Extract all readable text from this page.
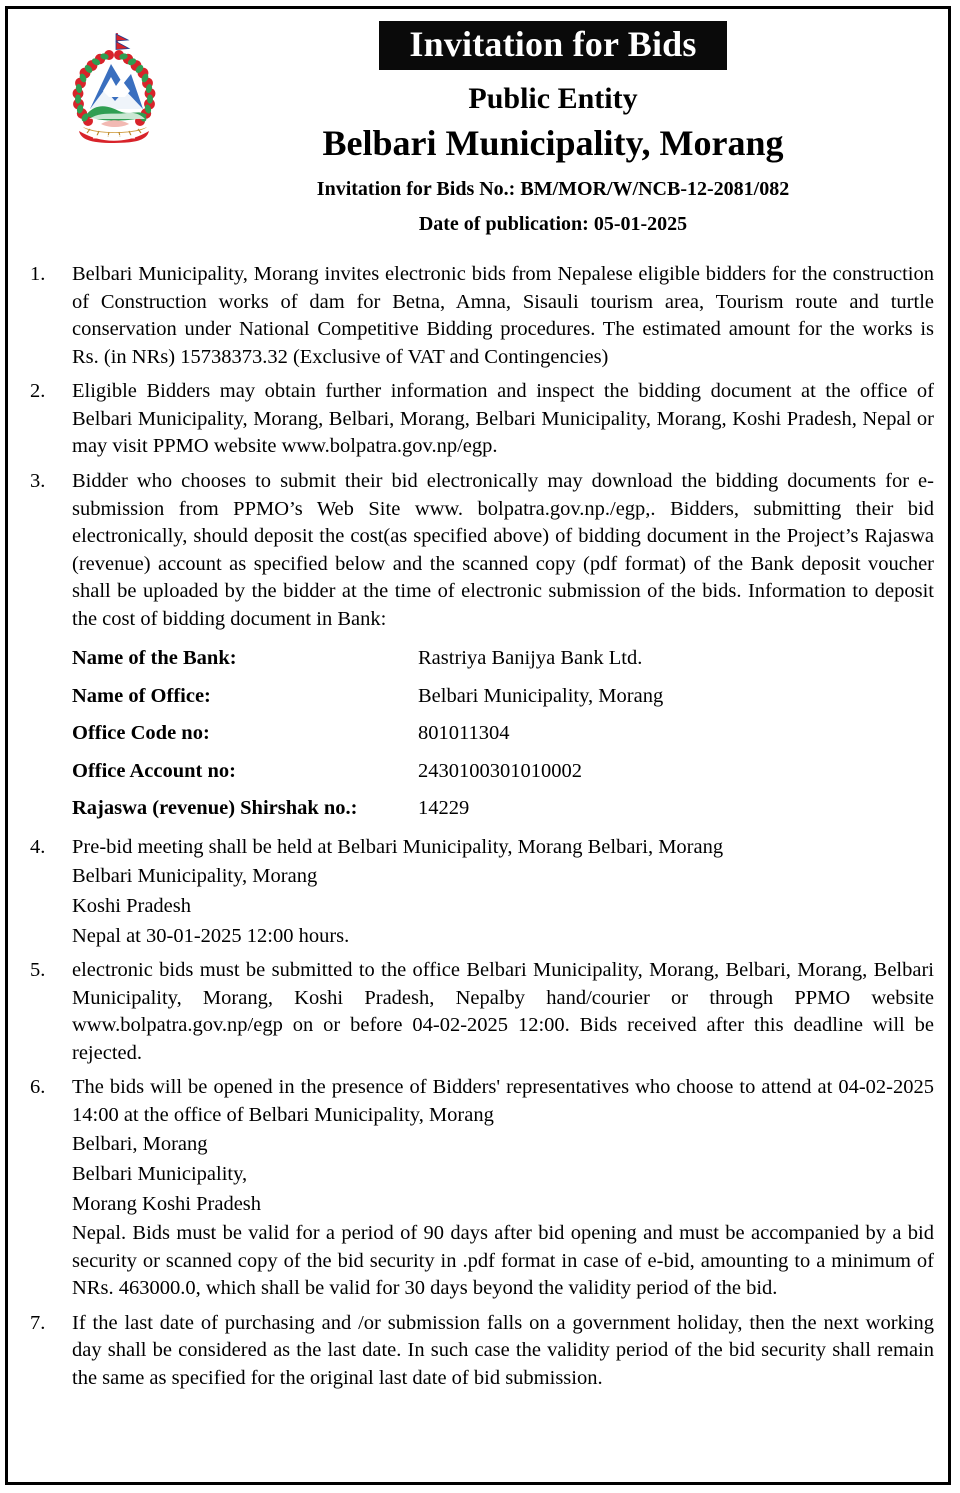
Invitation for Bids
Public Entity
Belbari Municipality, Morang
Invitation for Bids No.: BM/MOR/W/NCB-12-2081/082
Date of publication: 05-01-2025
1.	Belbari Municipality, Morang invites electronic bids from Nepalese eligible bidders for the construction of Construction works of dam for Betna, Amna, Sisauli tourism area, Tourism route and turtle conservation under National Competitive Bidding procedures. The estimated amount for the works is Rs. (in NRs) 15738373.32 (Exclusive of VAT and Contingencies)
2.	Eligible Bidders may obtain further information and inspect the bidding document at the office of Belbari Municipality, Morang, Belbari, Morang, Belbari Municipality, Morang, Koshi Pradesh, Nepal or may visit PPMO website www.bolpatra.gov.np/egp.
3.	Bidder who chooses to submit their bid electronically may download the bidding documents for e-submission from PPMO’s Web Site www. bolpatra.gov.np./egp,. Bidders, submitting their bid electronically, should deposit the cost(as specified above) of bidding document in the Project’s Rajaswa (revenue) account as specified below and the scanned copy (pdf format) of the Bank deposit voucher shall be uploaded by the bidder at the time of electronic submission of the bids. Information to deposit the cost of bidding document in Bank:
Name of the Bank:	Rastriya Banijya Bank Ltd.
Name of Office:	Belbari Municipality, Morang
Office Code no:	801011304
Office Account no:	2430100301010002
Rajaswa (revenue) Shirshak no.:	14229
4.	Pre-bid meeting shall be held at Belbari Municipality, Morang Belbari, Morang
Belbari Municipality, Morang
Koshi Pradesh
Nepal at 30-01-2025 12:00 hours.
5.	electronic bids must be submitted to the office Belbari Municipality, Morang, Belbari, Morang, Belbari Municipality, Morang, Koshi Pradesh, Nepalby hand/courier or through PPMO website www.bolpatra.gov.np/egp on or before 04-02-2025 12:00. Bids received after this deadline will be rejected.
6.	The bids will be opened in the presence of Bidders' representatives who choose to attend at 04-02-2025 14:00 at the office of Belbari Municipality, Morang
Belbari, Morang
Belbari Municipality,
Morang Koshi Pradesh
Nepal. Bids must be valid for a period of 90 days after bid opening and must be accompanied by a bid security or scanned copy of the bid security in .pdf format in case of e-bid, amounting to a minimum of NRs. 463000.0, which shall be valid for 30 days beyond the validity period of the bid.
7.	If the last date of purchasing and /or submission falls on a government holiday, then the next working day shall be considered as the last date. In such case the validity period of the bid security shall remain the same as specified for the original last date of bid submission.
